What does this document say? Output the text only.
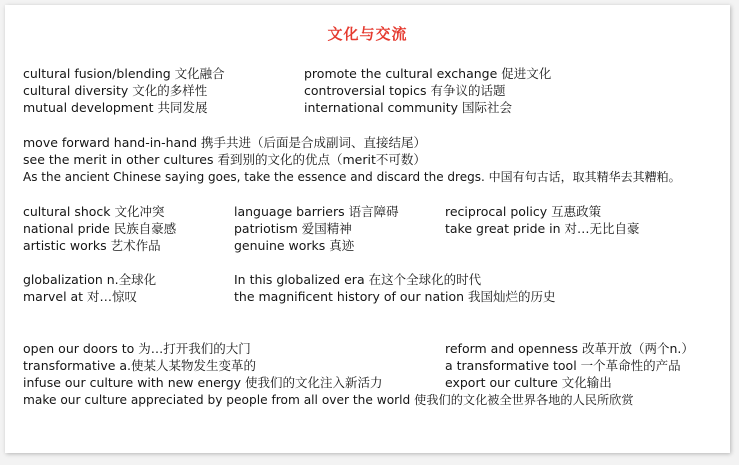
文化与交流
cultural fusion/blending 文化融合	promote the cultural exchange 促进文化
cultural diversity 文化的多样性	controversial topics 有争议的话题
mutual development 共同发展	international community 国际社会
move forward hand-in-hand 携手共进（后面是合成副词、直接结尾）
see the merit in other cultures 看到别的文化的优点（merit不可数）
As the ancient Chinese saying goes, take the essence and discard the dregs. 中国有句古话，取其精华去其糟粕。
cultural shock 文化冲突	language barriers 语言障碍	reciprocal policy 互惠政策
national pride 民族自豪感	patriotism 爱国精神	take great pride in 对…无比自豪
artistic works 艺术作品	genuine works 真迹
globalization n.全球化	In this globalized era 在这个全球化的时代
marvel at 对…惊叹	the magnificent history of our nation 我国灿烂的历史
open our doors to 为…打开我们的大门	reform and openness 改革开放（两个n.）
transformative a.使某人某物发生变革的	a transformative tool 一个革命性的产品
infuse our culture with new energy 使我们的文化注入新活力	export our culture 文化输出
make our culture appreciated by people from all over the world 使我们的文化被全世界各地的人民所欣赏
